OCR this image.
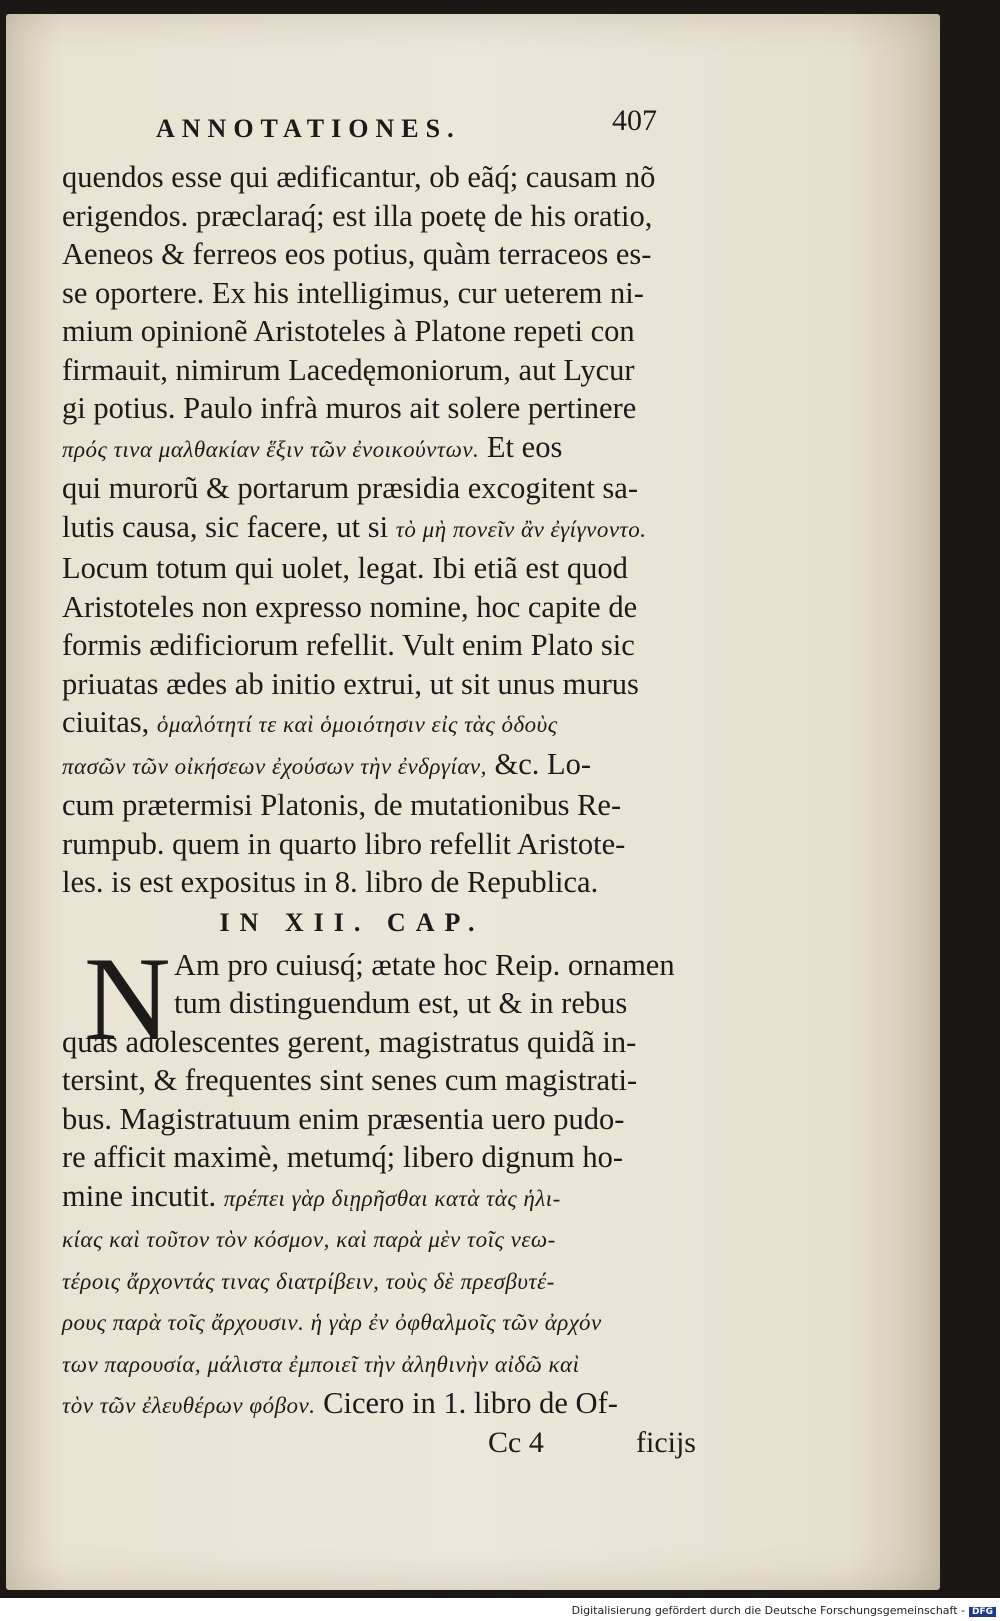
ANNOTATIONES.	407

quendos esse qui ædificantur, ob eãq́; causam nõ
erigendos. præclaraq́; est illa poetę de his oratio,
Aeneos & ferreos eos potius, quàm terraceos es-
se oportere. Ex his intelligimus, cur ueterem ni-
mium opinionẽ Aristoteles à Platone repeti con
firmauit, nimirum Lacedęmoniorum, aut Lycur
gi potius. Paulo infrà muros ait solere pertinere
πρός τινα μαλθακίαν ἕξιν τῶν ἐνοικούντων. Et eos
qui murorũ & portarum præsidia excogitent sa-
lutis causa, sic facere, ut si τὸ μὴ πονεῖν ἂν ἐγίγνοντο.
Locum totum qui uolet, legat. Ibi etiã est quod
Aristoteles non expresso nomine, hoc capite de
formis ædificiorum refellit. Vult enim Plato sic
priuatas ædes ab initio extrui, ut sit unus murus
ciuitas, ὁμαλότητί τε καὶ ὁμοιότησιν εἰς τὰς ὁδοὺς
πασῶν τῶν οἰκήσεων ἐχούσων τὴν ἐνδργίαν, &c. Lo-
cum prætermisi Platonis, de mutationibus Re-
rumpub. quem in quarto libro refellit Aristote-
les. is est expositus in 8. libro de Republica.

IN XII. CAP.
N Am pro cuiusq́; ætate hoc Reip. ornamen
tum distinguendum est, ut & in rebus
quas adolescentes gerent, magistratus quidã in-
tersint, & frequentes sint senes cum magistrati-
bus. Magistratuum enim præsentia uero pudo-
re afficit maximè, metumq́; libero dignum ho-
mine incutit. πρέπει γὰρ διῃρῆσθαι κατὰ τὰς ἡλι-
κίας καὶ τοῦτον τὸν κόσμον, καὶ παρὰ μὲν τοῖς νεω-
τέροις ἄρχοντάς τινας διατρίβειν, τοὺς δὲ πρεσβυτέ-
ρους παρὰ τοῖς ἄρχουσιν. ἡ γὰρ ἐν ὀφθαλμοῖς τῶν ἀρχόν
των παρουσία, μάλιστα ἐμποιεῖ τὴν ἀληθινὴν αἰδῶ καὶ
τὸν τῶν ἐλευθέρων φόβον. Cicero in 1. libro de Of-

Cc 4	ficijs
Digitalisierung gefördert durch die Deutsche Forschungsgemeinschaft - DFG
